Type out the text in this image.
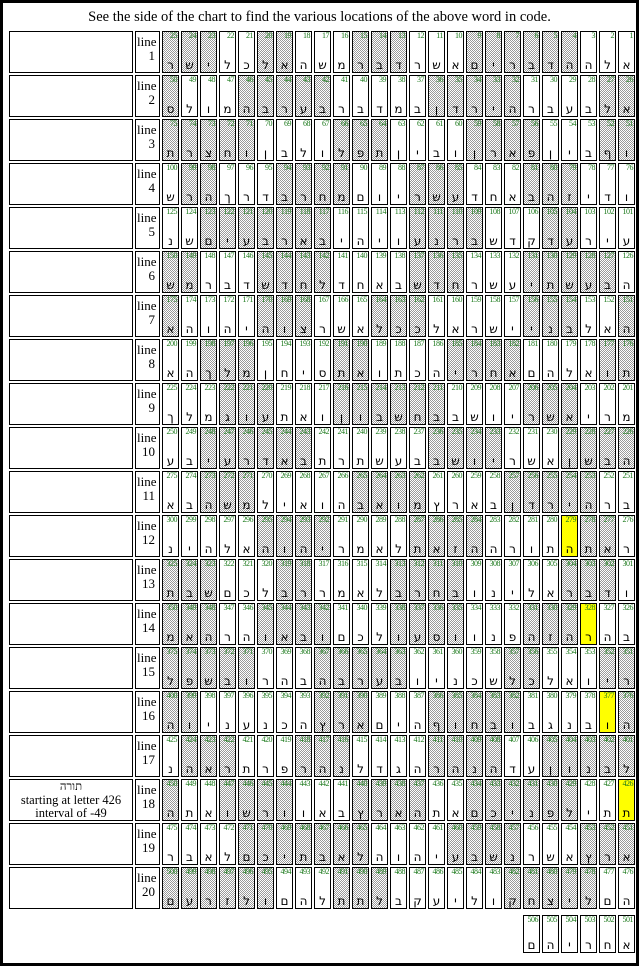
See the side of the chart to find the various locations of the above word in code.
line
1
25
ר
24
ש
23
י
22
ל
21
כ
20
ל
19
א
18
ה
17
ש
16
מ
15
ר
14
ב
13
ד
12
ר
11
ש
10
א
9
ם
8
י
7
ר
6
ב
5
ד
4
ה
3
ה
2
ל
1
א
line
2
50
ס
49
ל
48
ו
47
מ
46
ה
45
ב
44
ר
43
ע
42
ב
41
ר
40
ב
39
ד
38
מ
37
ב
36
ן
35
ד
34
ר
33
י
32
ה
31
ר
30
ב
29
ע
28
ב
27
ל
26
א
line
3
75
ת
74
ר
73
צ
72
ח
71
ו
70
ן
69
ב
68
ל
67
ו
66
ל
65
פ
64
ת
63
ן
62
י
61
ב
60
ו
59
ן
58
ר
57
א
56
פ
55
ן
54
י
53
ב
52
ף
51
ו
line
4
100
ש
99
ר
98
ה
97
ך
96
ר
95
ד
94
ב
93
ר
92
ח
91
מ
90
ם
89
ו
88
י
87
ר
86
ש
85
ע
84
ד
83
ח
82
א
81
ב
80
ה
79
ז
78
י
77
ד
76
ו
line
5
125
נ
124
ש
123
ם
122
י
121
ע
120
ב
119
ר
118
א
117
ב
116
י
115
ה
114
י
113
ו
112
ע
111
נ
110
ר
109
ב
108
ש
107
ד
106
ק
105
ד
104
ע
103
ר
102
י
101
ע
line
6
150
ש
149
מ
148
ר
147
ב
146
ד
145
ש
144
ד
143
ח
142
ל
141
ד
140
ח
139
א
138
ב
137
ש
136
ד
135
ח
134
ר
133
ש
132
ע
131
י
130
ת
129
ש
128
ע
127
ב
126
ה
line
7
175
א
174
ה
173
ו
172
ה
171
י
170
ה
169
ו
168
צ
167
ר
166
ש
165
א
164
ל
163
כ
162
כ
161
ל
160
א
159
ר
158
ש
157
י
156
י
155
נ
154
ב
153
ל
152
א
151
ה
line
8
200
א
199
ה
198
ך
197
ל
196
מ
195
ן
194
ח
193
י
192
ס
191
ת
190
א
189
ו
188
ת
187
כ
186
ה
185
י
184
ר
183
ח
182
א
181
ם
180
ה
179
ל
178
א
177
ו
176
ת
line
9
225
ך
224
ל
223
מ
222
ג
221
ו
220
ע
219
ת
218
א
217
ו
216
ן
215
ו
214
ב
213
ש
212
ח
211
ב
210
ב
209
ש
208
ו
207
י
206
ר
205
ש
204
א
203
י
202
ר
201
מ
line
10
250
ע
249
ב
248
י
247
ע
246
ר
245
ד
244
א
243
ב
242
ת
241
ר
240
ת
239
ש
238
ע
237
ב
236
ב
235
ש
234
ו
233
י
232
ר
231
ש
230
א
229
ן
228
ש
227
ב
226
ה
line
11
275
א
274
ב
273
ה
272
ש
271
מ
270
ל
269
י
268
א
267
ו
266
ה
265
ב
264
א
263
ו
262
מ
261
ץ
260
ר
259
א
258
ב
257
ן
256
ד
255
ר
254
י
253
ה
252
ר
251
ב
line
12
300
נ
299
י
298
ה
297
ל
296
א
295
ה
294
ו
293
ה
292
י
291
ר
290
מ
289
א
288
ל
287
ת
286
א
285
ז
284
ה
283
ה
282
ר
281
ו
280
ת
279
ה
278
ת
277
א
276
ר
line
13
325
ת
324
ב
323
ש
322
ם
321
כ
320
ל
319
ב
318
ר
317
ר
316
מ
315
א
314
ל
313
ב
312
ר
311
ח
310
ב
309
ו
308
נ
307
י
306
ל
305
א
304
ר
303
ב
302
ד
301
ו
line
14
350
מ
349
א
348
ה
347
ר
346
ה
345
ו
344
א
343
ב
342
ו
341
ם
340
כ
339
ל
338
ו
337
ע
336
ס
335
ו
334
ו
333
נ
332
פ
331
ה
330
ז
329
ה
328
ר
327
ה
326
ב
line
15
375
ל
374
פ
373
ש
372
ב
371
ו
370
ר
369
ה
368
ב
367
ה
366
ב
365
ר
364
ע
363
ב
362
ו
361
י
360
נ
359
כ
358
ש
357
ל
356
כ
355
ל
354
א
353
ו
352
י
351
ר
line
16
400
ה
399
ו
398
י
397
נ
396
ע
395
נ
394
כ
393
ה
392
ץ
391
ר
390
א
389
ם
388
י
387
ה
386
ף
385
ו
384
ח
383
ב
382
ו
381
ב
380
ג
379
נ
378
ב
377
ו
376
ה
line
17
425
נ
424
ה
423
א
422
ר
421
ת
420
ר
419
פ
418
ר
417
ה
416
נ
415
ל
414
ד
413
ג
412
ה
411
ר
410
ה
409
נ
408
ה
407
ד
406
ע
405
ן
404
ו
403
נ
402
ב
401
ל
תורה
starting at letter 426
interval of -49
line
18
450
ה
449
ת
448
א
447
ו
446
ש
445
ר
444
ו
443
ו
442
א
441
ב
440
ץ
439
ר
438
א
437
ה
436
ת
435
א
434
ם
433
כ
432
י
431
נ
430
פ
429
ל
428
י
427
ת
426
ת
line
19
475
ר
474
ב
473
א
472
ל
471
ם
470
כ
469
י
468
ת
467
ב
466
א
465
ל
464
ה
463
ו
462
ה
461
י
460
ע
459
ב
458
ש
457
נ
456
ר
455
ש
454
א
453
ץ
452
ר
451
א
line
20
500
ם
499
ע
498
ר
497
ז
496
ל
495
ו
494
ם
493
ה
492
ל
491
ת
490
ת
489
ל
488
ב
487
ק
486
ע
485
י
484
ל
483
ו
482
ק
481
ח
480
צ
479
י
478
ל
477
ם
476
ה
506
ם
505
ה
504
י
503
ר
502
ח
501
א
